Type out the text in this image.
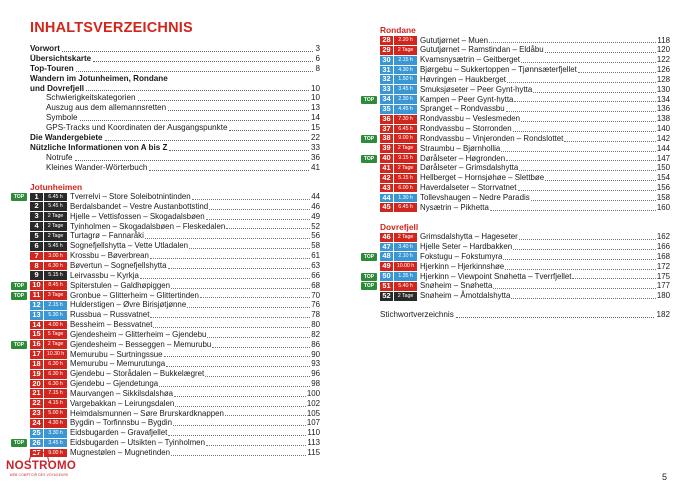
INHALTSVERZEICHNIS
Vorwort	3
Übersichtskarte	6
Top-Touren	8
Wandern im Jotunheimen, Rondane
und Dovrefjell	10
Schwierigkeitskategorien	10
Auszug aus dem allemannsretten	13
Symbole	14
GPS-Tracks und Koordinaten der Ausgangspunkte	15
Die Wandergebiete	22
Nützliche Informationen von A bis Z	33
Notrufe	36
Kleines Wander-Wörterbuch	41
Jotunheimen
TOP	1	6.45 h Tverrelvi – Store Soleibotnintinden	44
2	5.45 h Berdalsbandet – Vestre Austanbottstind	46
3	2 Tage Hjelle – Vettisfossen – Skogadalsbøen	49
4	2 Tage Tyinholmen – Skogadalsbøen – Fleskedalen	52
5	2 Tage Turtagrø – Fannaråki	56
6	5.45 h Sognefjellshytta – Vette Utladalen	58
7	3.00 h Krossbu – Bøverbrean	61
8	6.30 h Bøvertun – Sognefjellshytta	63
9	5.15 h Leirvassbu – Kyrkja	66
TOP	10	8.45 h Spiterstulen – Galdhøpiggen	68
TOP	11	3 Tage Gronbue – Glitterheim – Glittertinden	70
12	2.15 h Hulderstigen – Øvre Birisjøtjønne	76
13	5.30 h Russbua – Russvatnet	78
14	4.00 h Bessheim – Bessvatnet	80
15	5 Tage Gjendesheim – Glitterheim – Gjendebu	82
TOP	16	2 Tage Gjendesheim – Besseggen – Memurubu	86
17	10.30 h Memurubu – Surtningssue	90
18	6.30 h Memurubu – Memurutunga	93
19	6.30 h Gjendebu – Storådalen – Bukkelægret	96
20	6.30 h Gjendebu – Gjendetunga	98
21	7.15 h Maurvangen – Sikkilsdalshøa	100
22	4.15 h Vargebakkan – Leirungsdalen	102
23	5.00 h Heimdalsmunnen – Søre Brurskardknappen	105
24	4.30 h Bygdin – Torfinnsbu – Bygdin	107
25	3.30 h Eidsbugarden – Gravafjellet	110
TOP	26	3.45 h Eidsbugarden – Utsikten – Tyinholmen	113
27	9.00 h Mugnestølen – Mugnetinden	115
Rondane
28	2.20 h Gututjørnet – Muen	118
29	2 Tage Gututjørnet – Ramstindan – Eldåbu	120
30	2.15 h Kvamsnysætrin – Geitberget	122
31	4.30 h Bjørgebu – Sukkertoppen – Tjønnsæterfjellet	126
32	1.50 h Høvringen – Haukberget	128
33	3.45 h Smuksjøseter – Peer Gynt-hytta	130
TOP	34	2.30 h Kampen – Peer Gynt-hytta	134
35	4.45 h Spranget – Rondvassbu	136
36	7.30 h Rondvassbu – Veslesmeden	138
37	6.45 h Rondvassbu – Storronden	140
TOP	38	9.00 h Rondvassbu – Vinjeronden – Rondslottet	142
39	2 Tage Straumbu – Bjørnhollia	144
TOP	40	9.15 h Dørålseter – Høgronden	147
41	2 Tage Dørålseter – Grimsdalshytta	150
42	5.15 h Hellberget – Hornsjøhøe – Slettbøe	154
43	6.00 h Haverdalseter – Storrvatnet	156
44	1.30 h Tollevshaugen – Nedre Paradis	158
45	6.45 h Nysætrin – Pikhetta	160
Dovrefjell
46	2 Tage Grimsdalshytta – Hageseter	162
47	3.40 h Hjelle Seter – Hardbakken	166
TOP	48	2.10 h Fokstugu – Fokstumyra	168
49	10.00 h Hjerkinn – Hjerkinnshøe	172
TOP	50	1.35 h Hjerkinn – Viewpoint Snøhetta – Tverrfjellet	175
TOP	51	5.40 h Snøheim – Snøhetta	177
52	2 Tage Snøheim – Åmotdalshytta	180
Stichwortverzeichnis	182
NOSTROMO
WEB COMPTOIR DES VOYAGEURS	5
